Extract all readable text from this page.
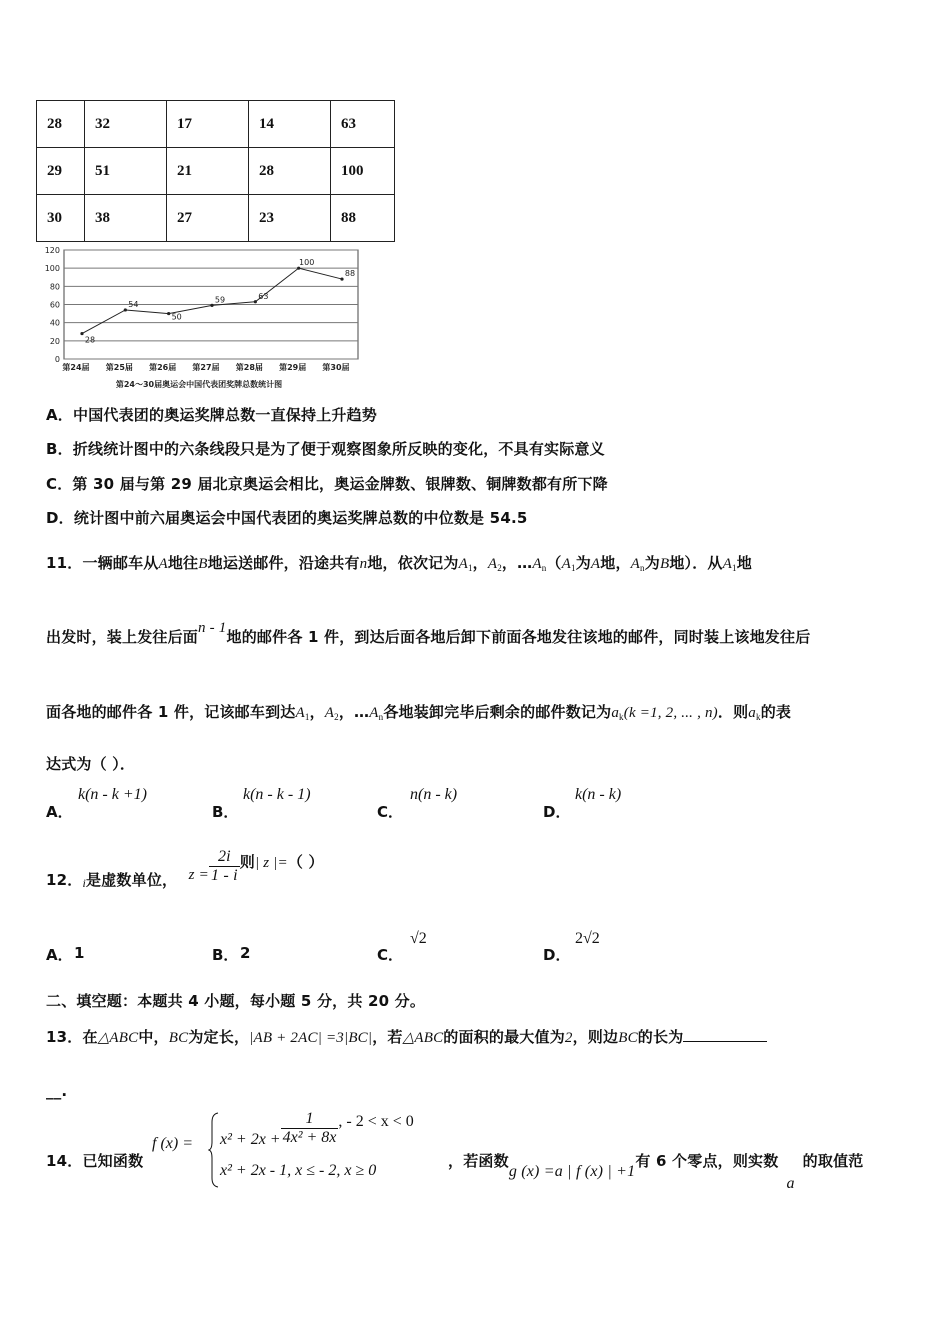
28	32	17	14	63
29	51	21	28	100
30	38	27	23	88
0
20
40
60
80
100
120
28
54
50
59	63
100
88
第24届 第25届 第26届 第27届 第28届 第29届 第30届
第24～30届奥运会中国代表团奖牌总数统计图
A．中国代表团的奥运奖牌总数一直保持上升趋势
B．折线统计图中的六条线段只是为了便于观察图象所反映的变化，不具有实际意义
C．第 30 届与第 29 届北京奥运会相比，奥运金牌数、银牌数、铜牌数都有所下降
D．统计图中前六届奥运会中国代表团的奥运奖牌总数的中位数是 54.5
11．一辆邮车从A地往B地运送邮件，沿途共有n地，依次记为$A_1$，$A_2$，$\dots A_n(A_1$为A地，$A_n$为B地）．从$A_1$地
出发时，装上发往后面n - 1地的邮件各 1 件，到达后面各地后卸下前面各地发往该地的邮件，同时装上该地发往后
面各地的邮件各 1 件，记该邮车到达$A_1$，$A_2$，$\dots A_n$各地装卸完毕后剩余的邮件数记为$a_k(k =1$, 2, ... , n)．则$a_k$的表
达式为（ ）．
A．
k(n - k +1)
B．
k(n - k - 1)
C．
n(n - k)
D．
k(n - k)
12．$_i$是虚数单位， $z = \frac{2i}{1 - i}$ 则| z |=（ ）
A． 1	B． 2	C．
√2
D．
2√2
二、填空题：本题共 4 小题，每小题 5 分，共 20 分。
13．在△ABC中，BC为定长，|AB + 2AC| =3|BC|，若△ABC的面积的最大值为2，则边BC的长为
__.
14．已知函数
f $(x) = x^2 + 2x + \frac{1}{\text{4x² + 8x}}$ , - 2 < x < 0
x² + 2x - 1, x ≤ - 2, x ≥ 0
，若函数g (x) =a | f (x) | +1有 6 个零点，则实数a的取值范
